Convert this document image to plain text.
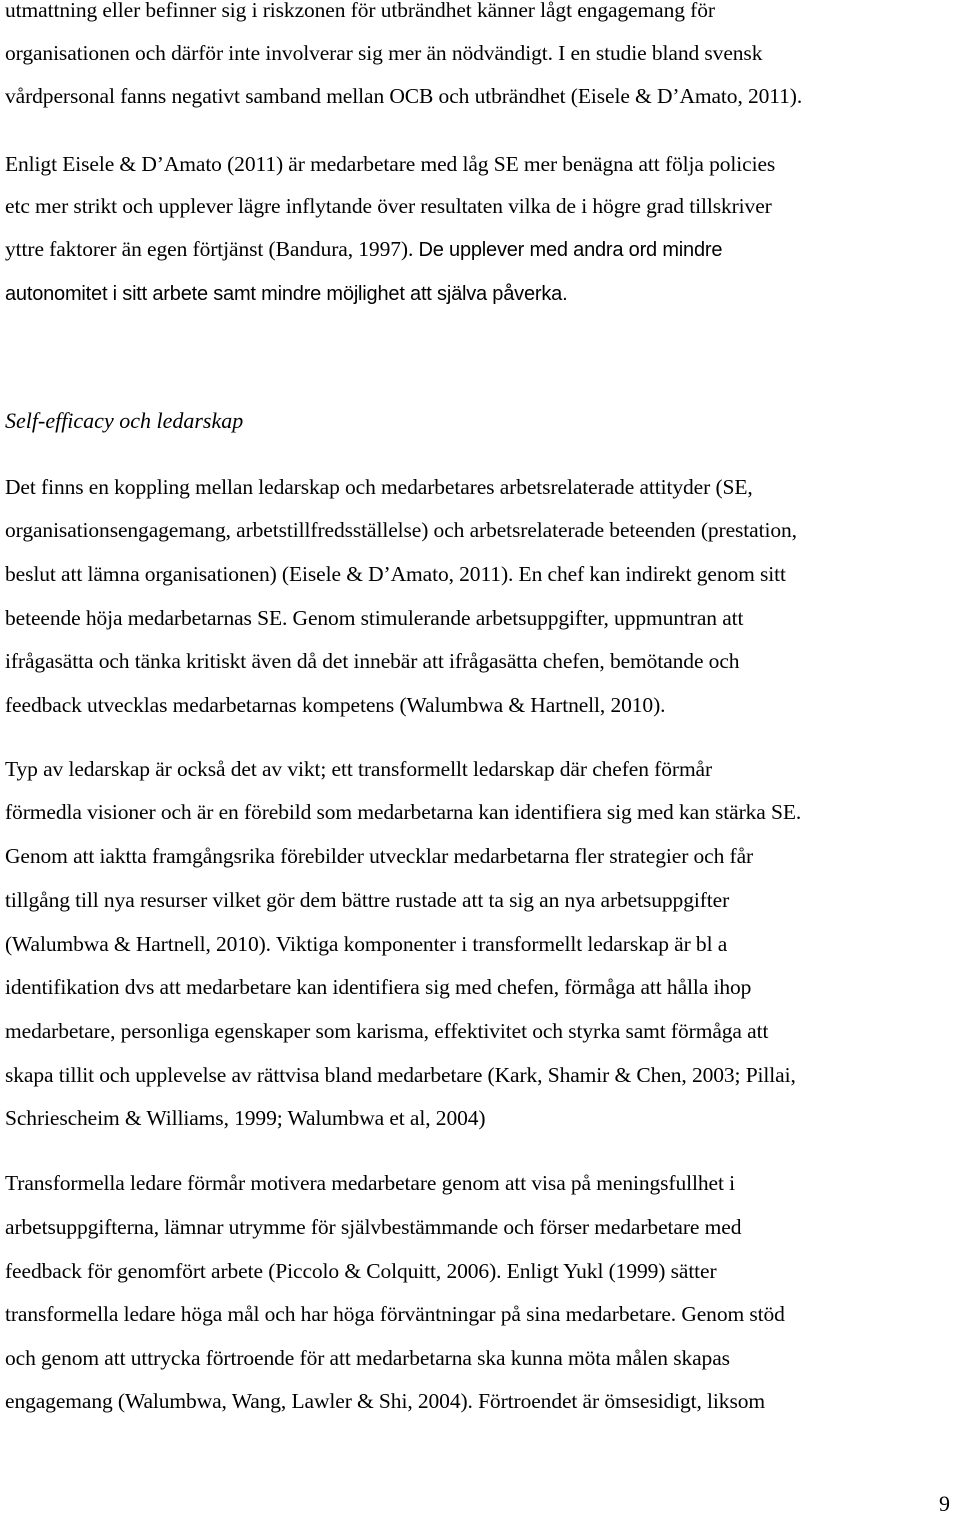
utmattning eller befinner sig i riskzonen för utbrändhet känner lågt engagemang för
organisationen och därför inte involverar sig mer än nödvändigt. I en studie bland svensk
vårdpersonal fanns negativt samband mellan OCB och utbrändhet (Eisele & D’Amato, 2011).
Enligt Eisele & D’Amato (2011) är medarbetare med låg SE mer benägna att följa policies
etc mer strikt och upplever lägre inflytande över resultaten vilka de i högre grad tillskriver
yttre faktorer än egen förtjänst (Bandura, 1997). De upplever med andra ord mindre
autonomitet i sitt arbete samt mindre möjlighet att själva påverka.
Det finns en koppling mellan ledarskap och medarbetares arbetsrelaterade attityder (SE,
organisationsengagemang, arbetstillfredsställelse) och arbetsrelaterade beteenden (prestation,
beslut att lämna organisationen) (Eisele & D’Amato, 2011). En chef kan indirekt genom sitt
beteende höja medarbetarnas SE. Genom stimulerande arbetsuppgifter, uppmuntran att
ifrågasätta och tänka kritiskt även då det innebär att ifrågasätta chefen, bemötande och
feedback utvecklas medarbetarnas kompetens (Walumbwa & Hartnell, 2010).
Typ av ledarskap är också det av vikt; ett transformellt ledarskap där chefen förmår
förmedla visioner och är en förebild som medarbetarna kan identifiera sig med kan stärka SE.
Genom att iaktta framgångsrika förebilder utvecklar medarbetarna fler strategier och får
tillgång till nya resurser vilket gör dem bättre rustade att ta sig an nya arbetsuppgifter
(Walumbwa & Hartnell, 2010). Viktiga komponenter i transformellt ledarskap är bl a
identifikation dvs att medarbetare kan identifiera sig med chefen, förmåga att hålla ihop
medarbetare, personliga egenskaper som karisma, effektivitet och styrka samt förmåga att
skapa tillit och upplevelse av rättvisa bland medarbetare (Kark, Shamir & Chen, 2003; Pillai,
Schriescheim & Williams, 1999; Walumbwa et al, 2004)
Transformella ledare förmår motivera medarbetare genom att visa på meningsfullhet i
arbetsuppgifterna, lämnar utrymme för självbestämmande och förser medarbetare med
feedback för genomfört arbete (Piccolo & Colquitt, 2006). Enligt Yukl (1999) sätter
transformella ledare höga mål och har höga förväntningar på sina medarbetare. Genom stöd
och genom att uttrycka förtroende för att medarbetarna ska kunna möta målen skapas
engagemang (Walumbwa, Wang, Lawler & Shi, 2004). Förtroendet är ömsesidigt, liksom
Self-efficacy och ledarskap
9
